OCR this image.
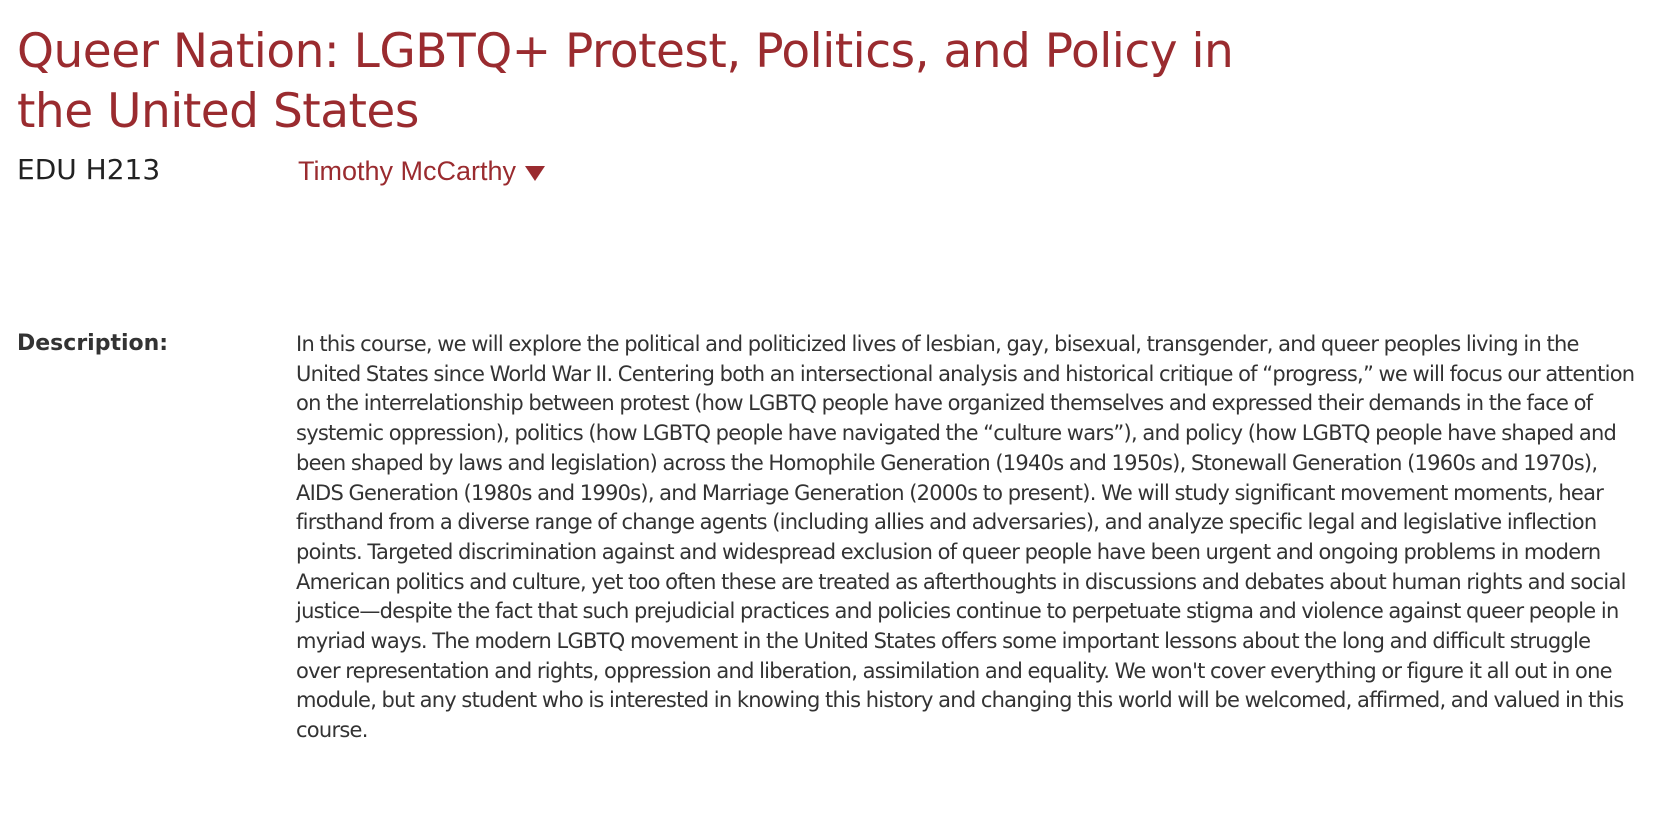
Queer Nation: LGBTQ+ Protest, Politics, and Policy in the United States
EDU H213	Timothy McCarthy
Description:	In this course, we will explore the political and politicized lives of lesbian, gay, bisexual, transgender, and queer peoples living in the United States since World War II. Centering both an intersectional analysis and historical critique of “progress,” we will focus our attention on the interrelationship between protest (how LGBTQ people have organized themselves and expressed their demands in the face of systemic oppression), politics (how LGBTQ people have navigated the “culture wars”), and policy (how LGBTQ people have shaped and been shaped by laws and legislation) across the Homophile Generation (1940s and 1950s), Stonewall Generation (1960s and 1970s), AIDS Generation (1980s and 1990s), and Marriage Generation (2000s to present). We will study significant movement moments, hear firsthand from a diverse range of change agents (including allies and adversaries), and analyze specific legal and legislative inflection points. Targeted discrimination against and widespread exclusion of queer people have been urgent and ongoing problems in modern American politics and culture, yet too often these are treated as afterthoughts in discussions and debates about human rights and social justice—despite the fact that such prejudicial practices and policies continue to perpetuate stigma and violence against queer people in myriad ways. The modern LGBTQ movement in the United States offers some important lessons about the long and difficult struggle over representation and rights, oppression and liberation, assimilation and equality. We won't cover everything or figure it all out in one module, but any student who is interested in knowing this history and changing this world will be welcomed, affirmed, and valued in this course.
